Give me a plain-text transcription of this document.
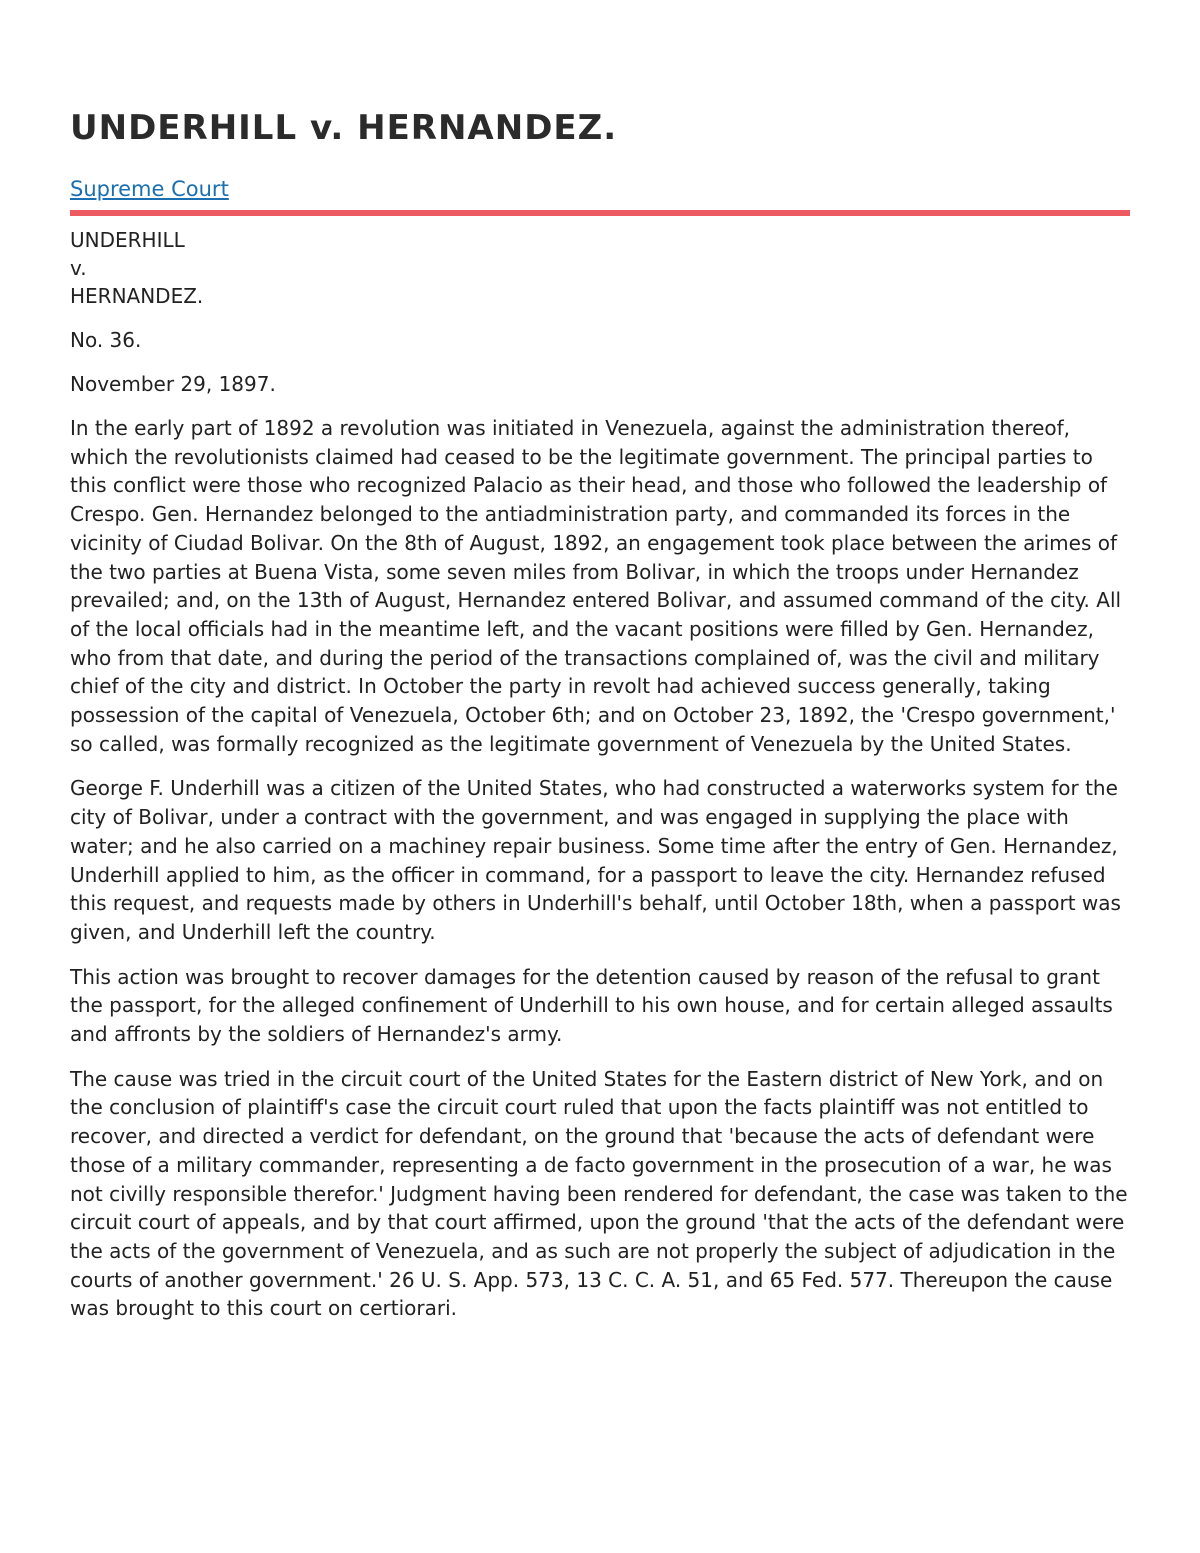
UNDERHILL v. HERNANDEZ.
Supreme Court
UNDERHILL
v.
HERNANDEZ.
No. 36.
November 29, 1897.

In the early part of 1892 a revolution was initiated in Venezuela, against the administration thereof, which the revolutionists claimed had ceased to be the legitimate government. The principal parties to this conflict were those who recognized Palacio as their head, and those who followed the leadership of Crespo. Gen. Hernandez belonged to the antiadministration party, and commanded its forces in the vicinity of Ciudad Bolivar. On the 8th of August, 1892, an engagement took place between the arimes of the two parties at Buena Vista, some seven miles from Bolivar, in which the troops under Hernandez prevailed; and, on the 13th of August, Hernandez entered Bolivar, and assumed command of the city. All of the local officials had in the meantime left, and the vacant positions were filled by Gen. Hernandez, who from that date, and during the period of the transactions complained of, was the civil and military chief of the city and district. In October the party in revolt had achieved success generally, taking possession of the capital of Venezuela, October 6th; and on October 23, 1892, the 'Crespo government,' so called, was formally recognized as the legitimate government of Venezuela by the United States.

George F. Underhill was a citizen of the United States, who had constructed a waterworks system for the city of Bolivar, under a contract with the government, and was engaged in supplying the place with water; and he also carried on a machiney repair business. Some time after the entry of Gen. Hernandez, Underhill applied to him, as the officer in command, for a passport to leave the city. Hernandez refused this request, and requests made by others in Underhill's behalf, until October 18th, when a passport was given, and Underhill left the country.

This action was brought to recover damages for the detention caused by reason of the refusal to grant the passport, for the alleged confinement of Underhill to his own house, and for certain alleged assaults and affronts by the soldiers of Hernandez's army.

The cause was tried in the circuit court of the United States for the Eastern district of New York, and on the conclusion of plaintiff's case the circuit court ruled that upon the facts plaintiff was not entitled to recover, and directed a verdict for defendant, on the ground that 'because the acts of defendant were those of a military commander, representing a de facto government in the prosecution of a war, he was not civilly responsible therefor.' Judgment having been rendered for defendant, the case was taken to the circuit court of appeals, and by that court affirmed, upon the ground 'that the acts of the defendant were the acts of the government of Venezuela, and as such are not properly the subject of adjudication in the courts of another government.' 26 U. S. App. 573, 13 C. C. A. 51, and 65 Fed. 577. Thereupon the cause was brought to this court on certiorari.
